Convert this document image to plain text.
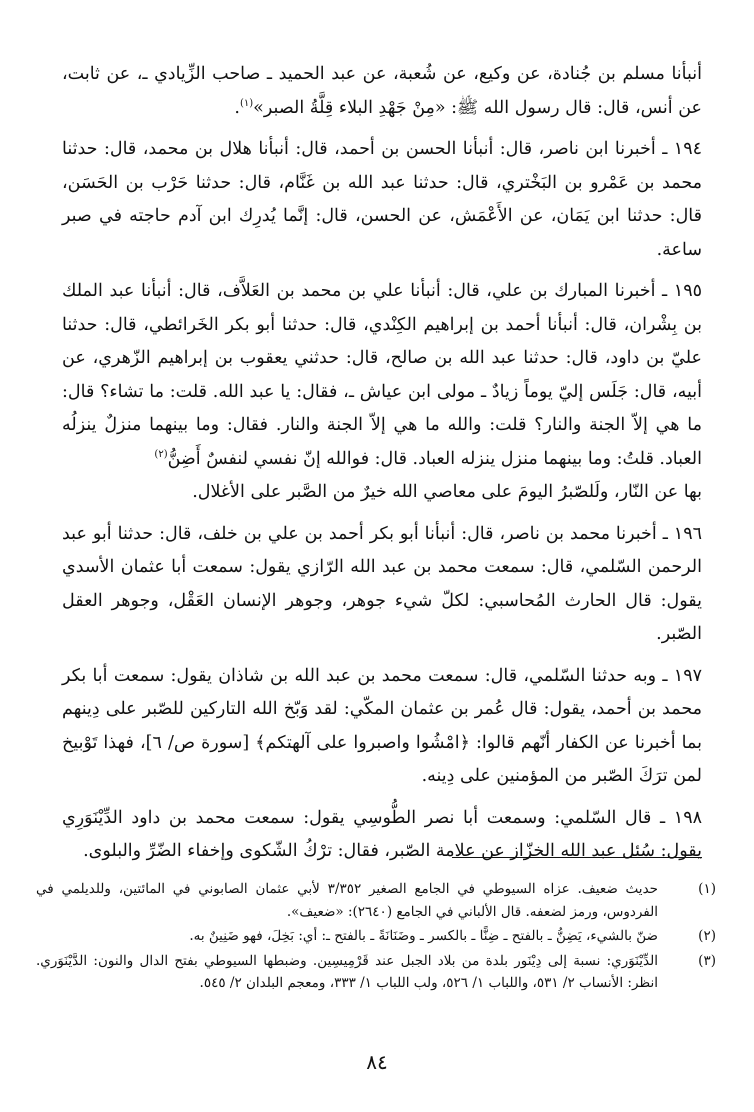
أنبأنا مسلم بن جُنادة، عن وكيع، عن شُعبة، عن عبد الحميد ـ صاحب الزِّيادي ـ، عن ثابت، عن أنس، قال: قال رسول الله ﷺ: «مِنْ جَهْدِ البلاء قِلَّةُ الصبر»$^{(١)}$.

١٩٤ ـ أخبرنا ابن ناصر، قال: أنبأنا الحسن بن أحمد، قال: أنبأنا هلال بن محمد، قال: حدثنا محمد بن عَمْرو بن البَخْتري، قال: حدثنا عبد الله بن غَنَّام، قال: حدثنا حَرْب بن الحَسَن، قال: حدثنا ابن يَمَان، عن الأَعْمَش، عن الحسن، قال: إنَّما يُدرِك ابن آدم حاجته في صبر ساعة.

١٩٥ ـ أخبرنا المبارك بن علي، قال: أنبأنا علي بن محمد بن العَلاَّف، قال: أنبأنا عبد الملك بن بِشْران، قال: أنبأنا أحمد بن إبراهيم الكِنْدي، قال: حدثنا أبو بكر الخَرائطي، قال: حدثنا عليّ بن داود، قال: حدثنا عبد الله بن صالح، قال: حدثني يعقوب بن إبراهيم الزّهري، عن أبيه، قال: جَلَس إليّ يوماً زيادٌ ـ مولى ابن عياش ـ، فقال: يا عبد الله. قلت: ما تشاء؟ قال: ما هي إلاّ الجنة والنار؟ قلت: والله ما هي إلاّ الجنة والنار. فقال: وما بينهما منزلٌ ينزلُه العباد. قلتُ: وما بينهما منزل ينزله العباد. قال: فوالله إنّ نفسي لنفسٌ أَضِنُّ$^{(٢)}$

بها عن النّار، ولَلصّبرُ اليومَ على معاصي الله خيرٌ من الصَّبر على الأغلال.

١٩٦ ـ أخبرنا محمد بن ناصر، قال: أنبأنا أبو بكر أحمد بن علي بن خلف، قال: حدثنا أبو عبد الرحمن السّلمي، قال: سمعت محمد بن عبد الله الرّازي يقول: سمعت أبا عثمان الأسدي يقول: قال الحارث المُحاسبي: لكلّ شيء جوهر، وجوهر الإنسان العَقْل، وجوهر العقل الصّبر.

١٩٧ ـ وبه حدثنا السّلمي، قال: سمعت محمد بن عبد الله بن شاذان يقول: سمعت أبا بكر محمد بن أحمد، يقول: قال عُمر بن عثمان المكّي: لقد وَبّخ الله التاركين للصّبر على دِينهم بما أخبرنا عن الكفار أنّهم قالوا: ﴿امْشُوا واصبروا على آلهتكم﴾ [سورة ص/ ٦]، فهذا تَوْبيخ لمن ترَكَ الصّبر من المؤمنين على دِينه.

١٩٨ ـ قال السّلمي: وسمعت أبا نصر الطُّوسِي يقول: سمعت محمد بن داود الدِّيْنَوَرِي يقول: سُئل عبد الله الخزّاز عن علامة الصّبر، فقال: ترْكُ الشّكوى وإخفاء الضّرِّ والبلوى.

(١)
حديث ضعيف. عزاه السيوطي في الجامع الصغير ٣/٣٥٢ لأبي عثمان الصابوني في المائتين، وللديلمي في الفردوس، ورمز لضعفه. قال الألباني في الجامع (٢٦٤٠): «ضعيف».
(٢)
ضنّ بالشيء، يَضِنُّ ـ بالفتح ـ ضِنًّا ـ بالكسر ـ وضَنَانَةً ـ بالفتح ـ: أي: بَخِلَ، فهو ضَنِينٌ به.
(٣)
الدِّيْنَوَري: نسبة إلى دِيْنَور بلدة من بلاد الجبل عند قَرْمِيسِين. وضبطها السيوطي بفتح الدال والنون: الدَّيْنَوَري. انظر: الأنساب ٢/ ٥٣١، واللباب ١/ ٥٢٦، ولب اللباب ١/ ٣٣٣، ومعجم البلدان ٢/ ٥٤٥.
٨٤
